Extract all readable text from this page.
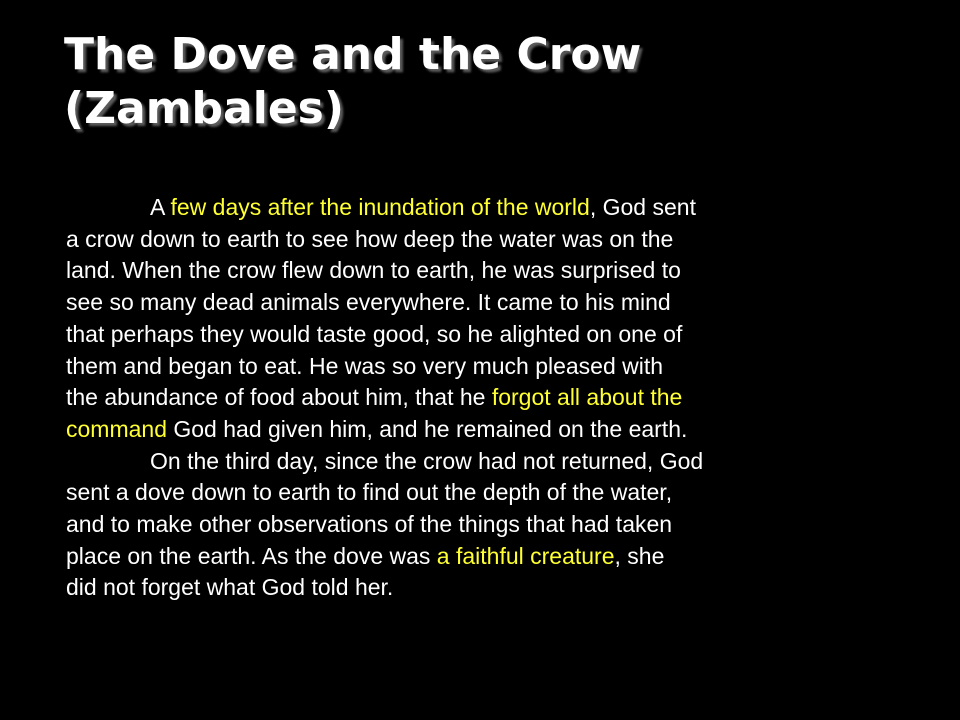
The Dove and the Crow
(Zambales)
A few days after the inundation of the world, God sent
a crow down to earth to see how deep the water was on the
land. When the crow flew down to earth, he was surprised to
see so many dead animals everywhere. It came to his mind
that perhaps they would taste good, so he alighted on one of
them and began to eat. He was so very much pleased with
the abundance of food about him, that he forgot all about the
command God had given him, and he remained on the earth.
On the third day, since the crow had not returned, God
sent a dove down to earth to find out the depth of the water,
and to make other observations of the things that had taken
place on the earth. As the dove was a faithful creature, she
did not forget what God told her.
